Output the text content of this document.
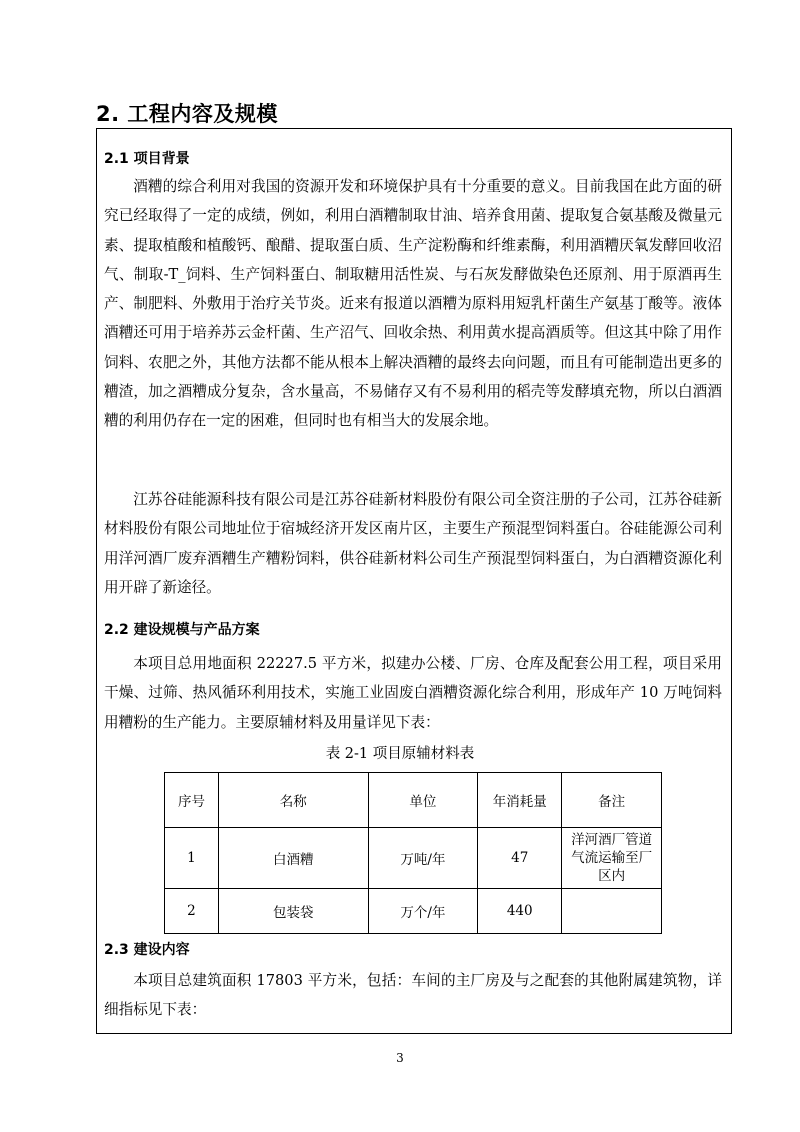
2. 工程内容及规模
2.1 项目背景

酒糟的综合利用对我国的资源开发和环境保护具有十分重要的意义。目前我国在此方面的研究已经取得了一定的成绩，例如，利用白酒糟制取甘油、培养食用菌、提取复合氨基酸及微量元素、提取植酸和植酸钙、酿醋、提取蛋白质、生产淀粉酶和纤维素酶，利用酒糟厌氧发酵回收沼气、制取-T_饲料、生产饲料蛋白、制取糖用活性炭、与石灰发酵做染色还原剂、用于原酒再生产、制肥料、外敷用于治疗关节炎。近来有报道以酒糟为原料用短乳杆菌生产氨基丁酸等。液体酒糟还可用于培养苏云金杆菌、生产沼气、回收余热、利用黄水提高酒质等。但这其中除了用作饲料、农肥之外，其他方法都不能从根本上解决酒糟的最终去向问题，而且有可能制造出更多的糟渣，加之酒糟成分复杂，含水量高，不易储存又有不易利用的稻壳等发酵填充物，所以白酒酒糟的利用仍存在一定的困难，但同时也有相当大的发展余地。

江苏谷硅能源科技有限公司是江苏谷硅新材料股份有限公司全资注册的子公司，江苏谷硅新材料股份有限公司地址位于宿城经济开发区南片区，主要生产预混型饲料蛋白。谷硅能源公司利用洋河酒厂废弃酒糟生产糟粉饲料，供谷硅新材料公司生产预混型饲料蛋白，为白酒糟资源化利用开辟了新途径。

2.2 建设规模与产品方案

本项目总用地面积 22227.5 平方米，拟建办公楼、厂房、仓库及配套公用工程，项目采用干燥、过筛、热风循环利用技术，实施工业固废白酒糟资源化综合利用，形成年产 10 万吨饲料用糟粉的生产能力。主要原辅材料及用量详见下表：

表 2-1 项目原辅材料表
序号	名称	单位	年消耗量	备注
1	白酒糟	万吨/年	47	洋河酒厂管道气流运输至厂区内
2	包装袋	万个/年	440	
2.3 建设内容

本项目总建筑面积 17803 平方米，包括：车间的主厂房及与之配套的其他附属建筑物，详细指标见下表：

3
